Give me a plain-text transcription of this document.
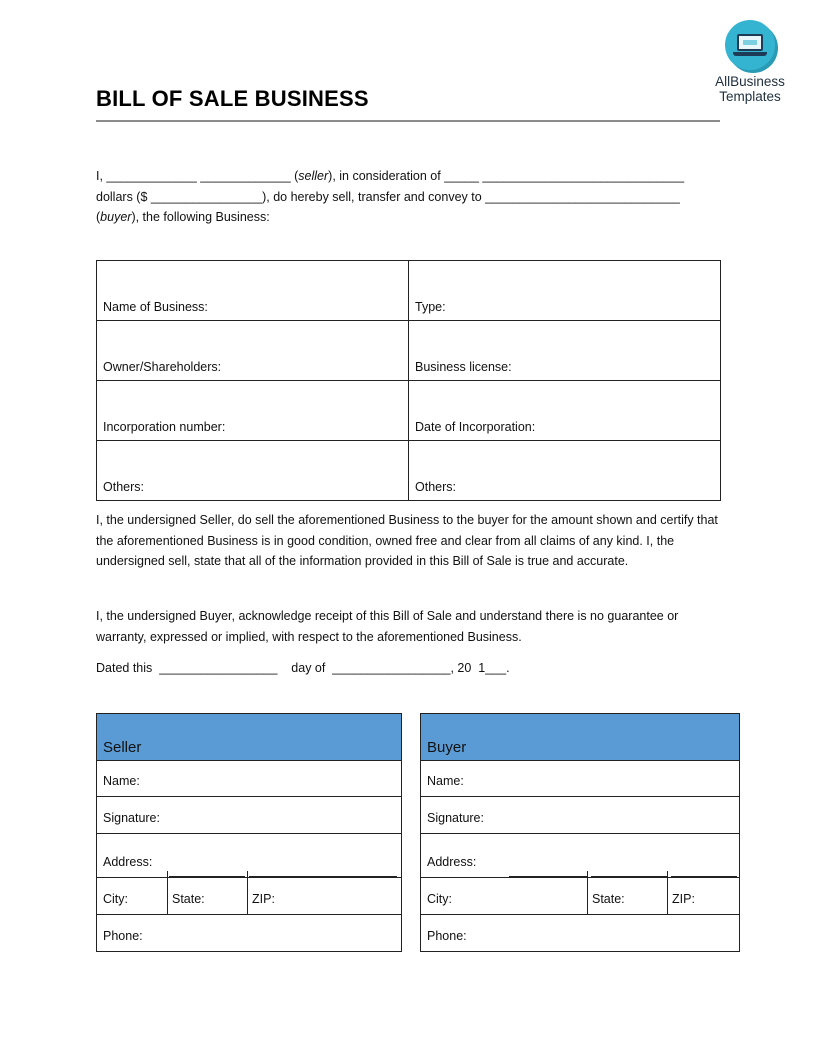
AllBusiness
Templates
BILL OF SALE BUSINESS

I, _____________ _____________ (seller), in consideration of _____ _____________________________

dollars ($ ________________), do hereby sell, transfer and convey to ____________________________

(buyer), the following Business:

Name of Business:	Type:
Owner/Shareholders:	Business license:
Incorporation number:	Date of Incorporation:
Others:	Others:

I, the undersigned Seller, do sell the aforementioned Business to the buyer for the amount shown and certify that the aforementioned Business is in good condition, owned free and clear from all claims of any kind. I, the undersigned sell, state that all of the information provided in this Bill of Sale is true and accurate.

I, the undersigned Buyer, acknowledge receipt of this Bill of Sale and understand there is no guarantee or warranty, expressed or implied, with respect to the aforementioned Business.

Dated this  _________________    day of  _________________, 20  1___.
Seller
Name:
Signature:
Address:
City:	State:	ZIP:
Phone:
Buyer
Name:
Signature:
Address:
City:	State:	ZIP:
Phone:
